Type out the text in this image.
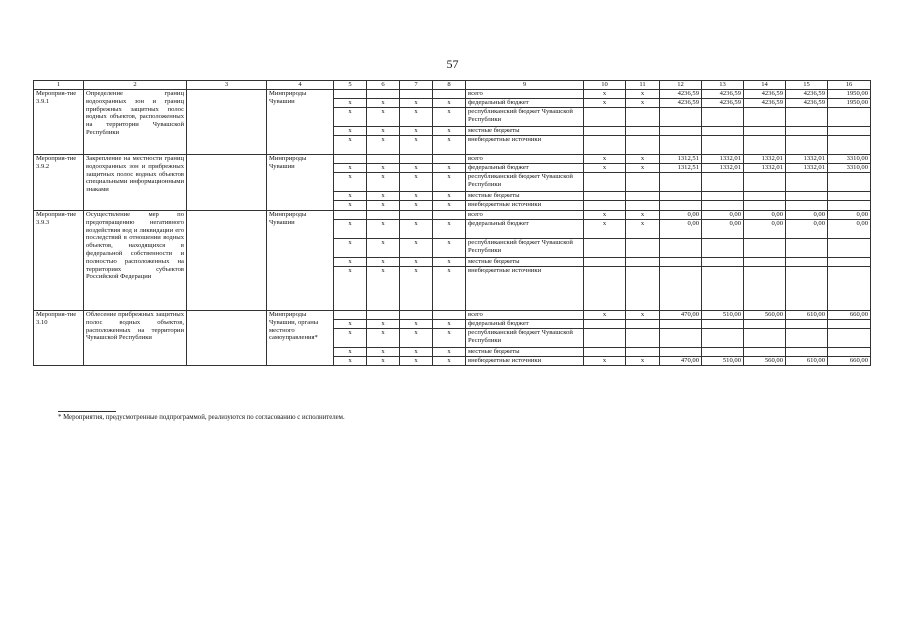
57
1	2	3	4	5	6	7	8	9	10	11	12	13	14	15	16
Мероприя-тие 3.9.1	Определение границ водоохранных зон и границ прибрежных защитных полос водных объектов, расположенных на территории Чувашской Республики		Минприроды Чувашии					всего	x	x	4236,59	4236,59	4236,59	4236,59	1950,00
				x	x	x	x	федеральный бюджет	x	x	4236,59	4236,59	4236,59	4236,59	1950,00
				x	x	x	x	республиканский бюджет Чувашской Республики							
				x	x	x	x	местные бюджеты							
				x	x	x	x	внебюджетные источники							
Мероприя-тие 3.9.2	Закрепление на местности границ водоохранных зон и прибрежных защитных полос водных объектов специальными информационными знаками		Минприроды Чувашии					всего	x	x	1312,51	1332,01	1332,01	1332,01	3310,00
				x	x	x	x	федеральный бюджет	x	x	1312,51	1332,01	1332,01	1332,01	3310,00
				x	x	x	x	республиканский бюджет Чувашской Республики							
				x	x	x	x	местные бюджеты							
				x	x	x	x	внебюджетные источники							
Мероприя-тие 3.9.3	Осуществление мер по предотвращению негативного воздействия вод и ликвидации его последствий в отношении водных объектов, находящихся в федеральной собственности и полностью расположенных на территориях субъектов Российской Федерации		Минприроды Чувашии					всего	x	x	0,00	0,00	0,00	0,00	0,00
				x	x	x	x	федеральный бюджет	x	x	0,00	0,00	0,00	0,00	0,00
				x	x	x	x	республиканский бюджет Чувашской Республики							
				x	x	x	x	местные бюджеты							
				x	x	x	x	внебюджетные источники							
Мероприя-тие 3.10	Облесение прибрежных защитных полос водных объектов, расположенных на территории Чувашской Республики		Минприроды Чувашии, органы местного самоуправления*					всего	x	x	470,00	510,00	560,00	610,00	660,00
				x	x	x	x	федеральный бюджет							
				x	x	x	x	республиканский бюджет Чувашской Республики							
				x	x	x	x	местные бюджеты							
				x	x	x	x	внебюджетные источники	x	x	470,00	510,00	560,00	610,00	660,00
* Мероприятия, предусмотренные подпрограммой, реализуются по согласованию с исполнителем.
